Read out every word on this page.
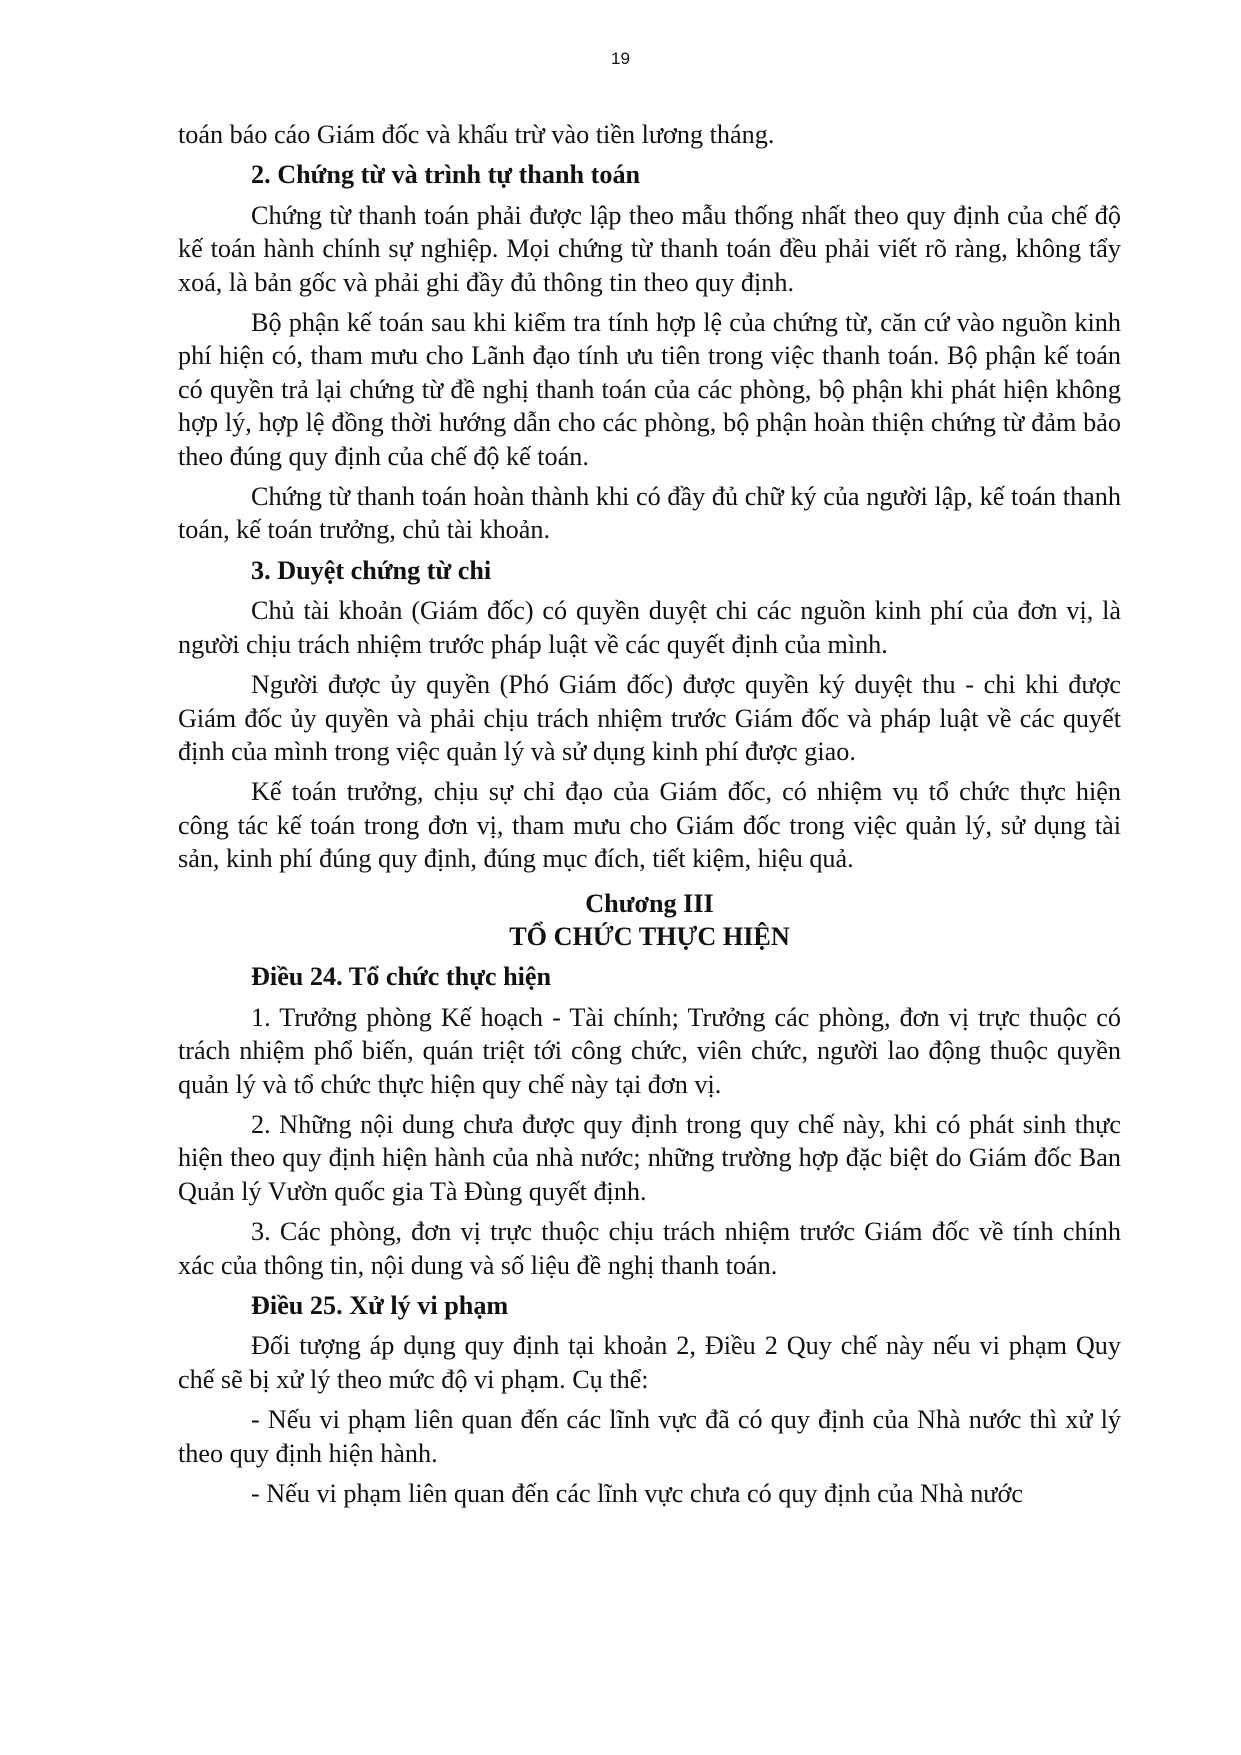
19

toán báo cáo Giám đốc và khấu trừ vào tiền lương tháng.

2. Chứng từ và trình tự thanh toán

Chứng từ thanh toán phải được lập theo mẫu thống nhất theo quy định của chế độ kế toán hành chính sự nghiệp. Mọi chứng từ thanh toán đều phải viết rõ ràng, không tẩy xoá, là bản gốc và phải ghi đầy đủ thông tin theo quy định.

Bộ phận kế toán sau khi kiểm tra tính hợp lệ của chứng từ, căn cứ vào nguồn kinh phí hiện có, tham mưu cho Lãnh đạo tính ưu tiên trong việc thanh toán. Bộ phận kế toán có quyền trả lại chứng từ đề nghị thanh toán của các phòng, bộ phận khi phát hiện không hợp lý, hợp lệ đồng thời hướng dẫn cho các phòng, bộ phận hoàn thiện chứng từ đảm bảo theo đúng quy định của chế độ kế toán.

Chứng từ thanh toán hoàn thành khi có đầy đủ chữ ký của người lập, kế toán thanh toán, kế toán trưởng, chủ tài khoản.

3. Duyệt chứng từ chi

Chủ tài khoản (Giám đốc) có quyền duyệt chi các nguồn kinh phí của đơn vị, là người chịu trách nhiệm trước pháp luật về các quyết định của mình.

Người được ủy quyền (Phó Giám đốc) được quyền ký duyệt thu - chi khi được Giám đốc ủy quyền và phải chịu trách nhiệm trước Giám đốc và pháp luật về các quyết định của mình trong việc quản lý và sử dụng kinh phí được giao.

Kế toán trưởng, chịu sự chỉ đạo của Giám đốc, có nhiệm vụ tổ chức thực hiện công tác kế toán trong đơn vị, tham mưu cho Giám đốc trong việc quản lý, sử dụng tài sản, kinh phí đúng quy định, đúng mục đích, tiết kiệm, hiệu quả.

Chương III
TỔ CHỨC THỰC HIỆN

Điều 24. Tổ chức thực hiện

1. Trưởng phòng Kế hoạch - Tài chính; Trưởng các phòng, đơn vị trực thuộc có trách nhiệm phổ biến, quán triệt tới công chức, viên chức, người lao động thuộc quyền quản lý và tổ chức thực hiện quy chế này tại đơn vị.

2. Những nội dung chưa được quy định trong quy chế này, khi có phát sinh thực hiện theo quy định hiện hành của nhà nước; những trường hợp đặc biệt do Giám đốc Ban Quản lý Vườn quốc gia Tà Đùng quyết định.

3. Các phòng, đơn vị trực thuộc chịu trách nhiệm trước Giám đốc về tính chính xác của thông tin, nội dung và số liệu đề nghị thanh toán.

Điều 25. Xử lý vi phạm

Đối tượng áp dụng quy định tại khoản 2, Điều 2 Quy chế này nếu vi phạm Quy chế sẽ bị xử lý theo mức độ vi phạm. Cụ thể:

- Nếu vi phạm liên quan đến các lĩnh vực đã có quy định của Nhà nước thì xử lý theo quy định hiện hành.

- Nếu vi phạm liên quan đến các lĩnh vực chưa có quy định của Nhà nước
